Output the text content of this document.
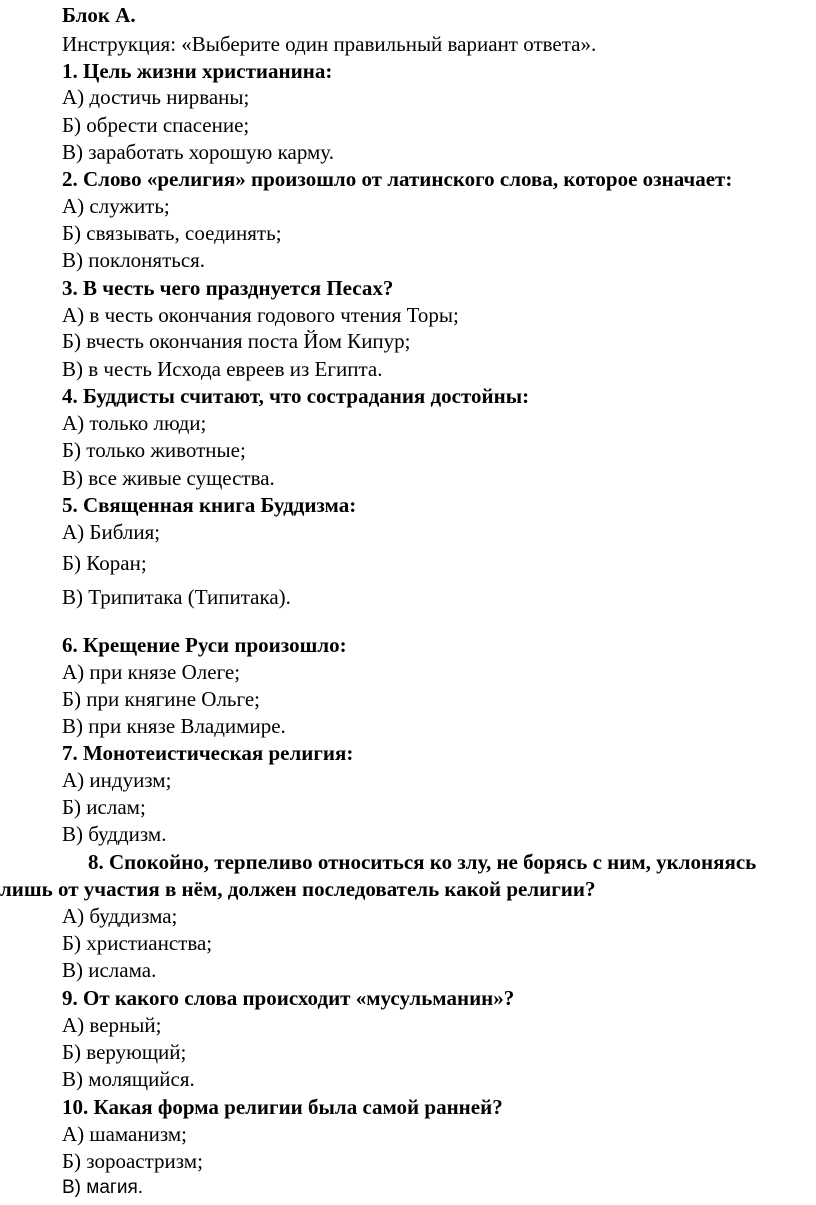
Блок А.
Инструкция: «Выберите один правильный вариант ответа».
1. Цель жизни христианина:
А) достичь нирваны;
Б) обрести спасение;
В) заработать хорошую карму.
2. Слово «религия» произошло от латинского слова, которое означает:
А) служить;
Б) связывать, соединять;
В) поклоняться.
3. В честь чего празднуется Песах?
А) в честь окончания годового чтения Торы;
Б) вчесть окончания поста Йом Кипур;
В) в честь Исхода евреев из Египта.
4. Буддисты считают, что сострадания достойны:
А) только люди;
Б) только животные;
В) все живые существа.
5. Священная книга Буддизма:
А) Библия;
Б) Коран;
В) Трипитака (Типитака).
6. Крещение Руси произошло:
А) при князе Олеге;
Б) при княгине Ольге;
В) при князе Владимире.
7. Монотеистическая религия:
А) индуизм;
Б) ислам;
В) буддизм.
8. Спокойно, терпеливо относиться ко злу, не борясь с ним, уклоняясь
лишь от участия в нём, должен последователь какой религии?
А) буддизма;
Б) христианства;
В) ислама.
9. От какого слова происходит «мусульманин»?
А) верный;
Б) верующий;
В) молящийся.
10. Какая форма религии была самой ранней?
А) шаманизм;
Б) зороастризм;
В) магия.
